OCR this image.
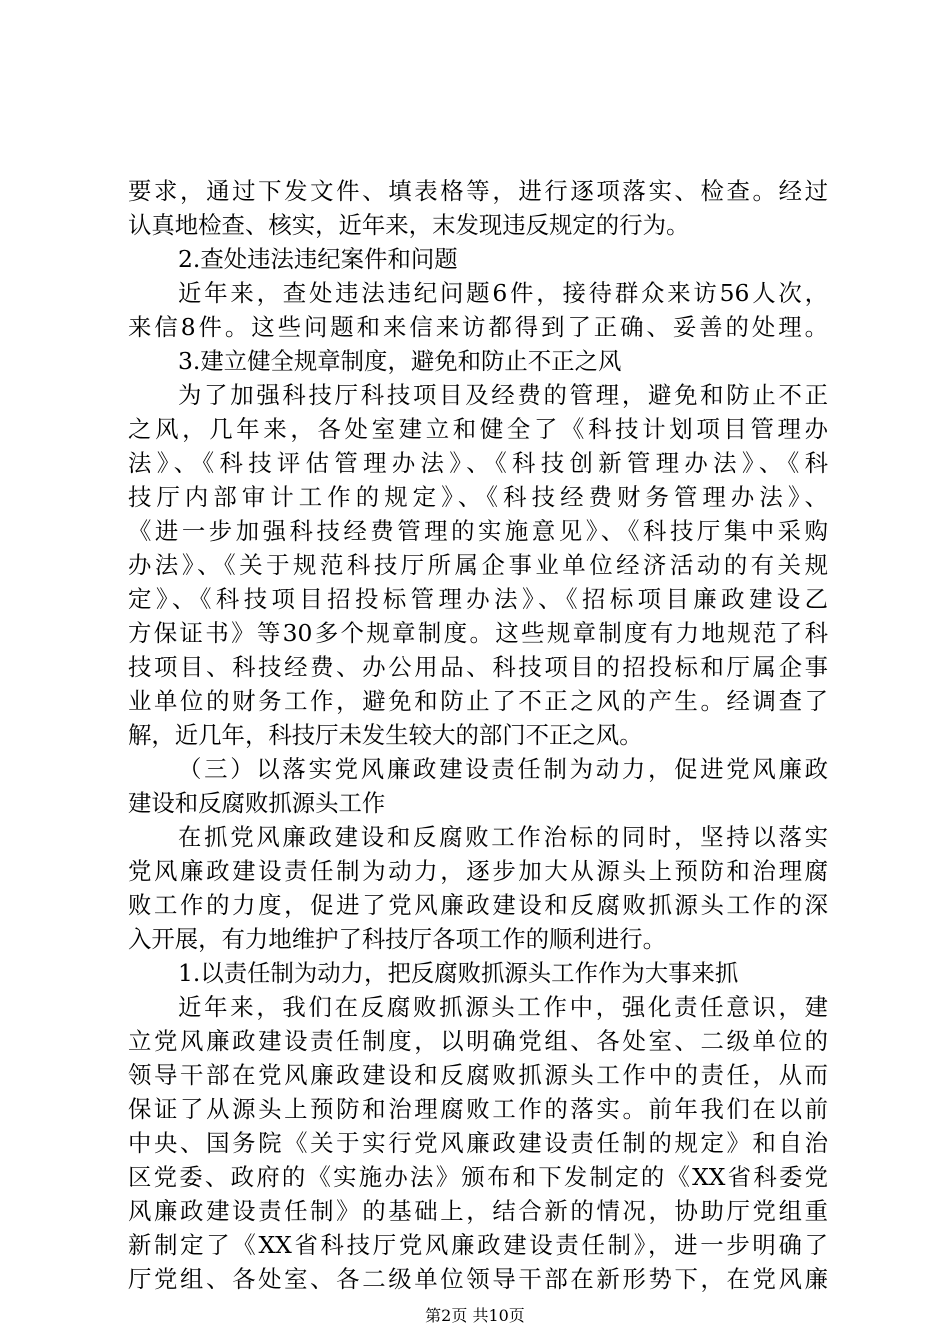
要求，通过下发文件、填表格等，进行逐项落实、检查。经过
认真地检查、核实，近年来，末发现违反规定的行为。
2.查处违法违纪案件和问题
近年来，查处违法违纪问题6件，接待群众来访56人次，
来信8件。这些问题和来信来访都得到了正确、妥善的处理。
3.建立健全规章制度，避免和防止不正之风
为了加强科技厅科技项目及经费的管理，避免和防止不正
之风，几年来，各处室建立和健全了《科技计划项目管理办
法》、《科技评估管理办法》、《科技创新管理办法》、《科
技厅内部审计工作的规定》、《科技经费财务管理办法》、
《进一步加强科技经费管理的实施意见》、《科技厅集中采购
办法》、《关于规范科技厅所属企事业单位经济活动的有关规
定》、《科技项目招投标管理办法》、《招标项目廉政建设乙
方保证书》等30多个规章制度。这些规章制度有力地规范了科
技项目、科技经费、办公用品、科技项目的招投标和厅属企事
业单位的财务工作，避免和防止了不正之风的产生。经调查了
解，近几年，科技厅未发生较大的部门不正之风。
（三）以落实党风廉政建设责任制为动力，促进党风廉政
建设和反腐败抓源头工作
在抓党风廉政建设和反腐败工作治标的同时，坚持以落实
党风廉政建设责任制为动力，逐步加大从源头上预防和治理腐
败工作的力度，促进了党风廉政建设和反腐败抓源头工作的深
入开展，有力地维护了科技厅各项工作的顺利进行。
1.以责任制为动力，把反腐败抓源头工作作为大事来抓
近年来，我们在反腐败抓源头工作中，强化责任意识，建
立党风廉政建设责任制度，以明确党组、各处室、二级单位的
领导干部在党风廉政建设和反腐败抓源头工作中的责任，从而
保证了从源头上预防和治理腐败工作的落实。前年我们在以前
中央、国务院《关于实行党风廉政建设责任制的规定》和自治
区党委、政府的《实施办法》颁布和下发制定的《XX省科委党
风廉政建设责任制》的基础上，结合新的情况，协助厅党组重
新制定了《XX省科技厅党风廉政建设责任制》，进一步明确了
厅党组、各处室、各二级单位领导干部在新形势下，在党风廉
第2页 共10页
